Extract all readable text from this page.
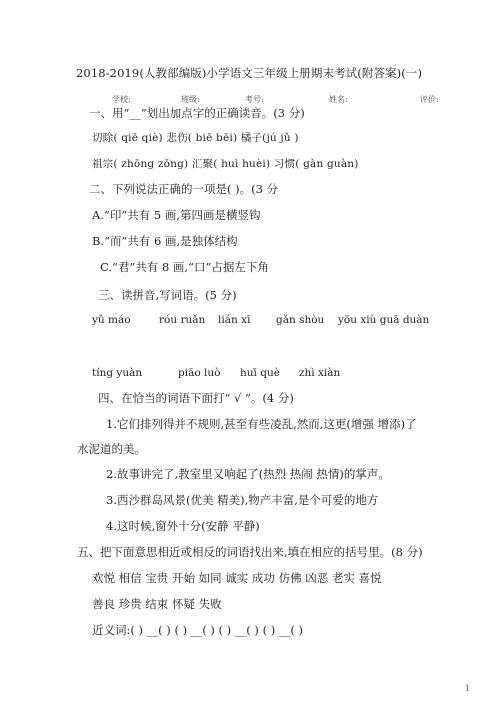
2018-2019(人教部编版)小学语文三年级上册期末考试(附答案)(一)
学校:	班级:	考号:	姓名:	评价:
一、用“__”划出加点字的正确读音。(3 分)
切除( qiē qiè) 悲伤( biē bēi) 橘子(jú jǔ )
祖宗( zhōng zōng) 汇聚( huì huèi) 习惯( gàn guàn)
二、下列说法正确的一项是( )。(3 分
A.“印”共有 5 画,第四画是横竖钩
B.“而”共有 6 画,是独体结构
C.“君”共有 8 画,“口”占据左下角
三、读拼音,写词语。(5 分)
yǔ máo	róu ruǎn lián xī gǎn shòu yōu xiù guā duàn
tíng yuàn	piāo luò huī què zhì xiàn
四、在恰当的词语下面打“ √ ”。(4 分)
1.它们排列得并不规则,甚至有些凌乱,然而,这更(增强 增添)了
水泥道的美。
2.故事讲完了,教室里又响起了(热烈 热闹 热情)的掌声。
3.西沙群岛风景(优美 精美),物产丰富,是个可爱的地方
4.这时候,窗外十分(安静 平静)
五、把下面意思相近或相反的词语找出来,填在相应的括号里。(8 分)
欢悦 相信 宝贵 开始 如同 诚实 成功 仿佛 凶恶 老实 喜悦
善良 珍贵 结束 怀疑 失败
近义词:( ) __( ) ( ) __( ) ( ) __( ) ( ) __( )
1
